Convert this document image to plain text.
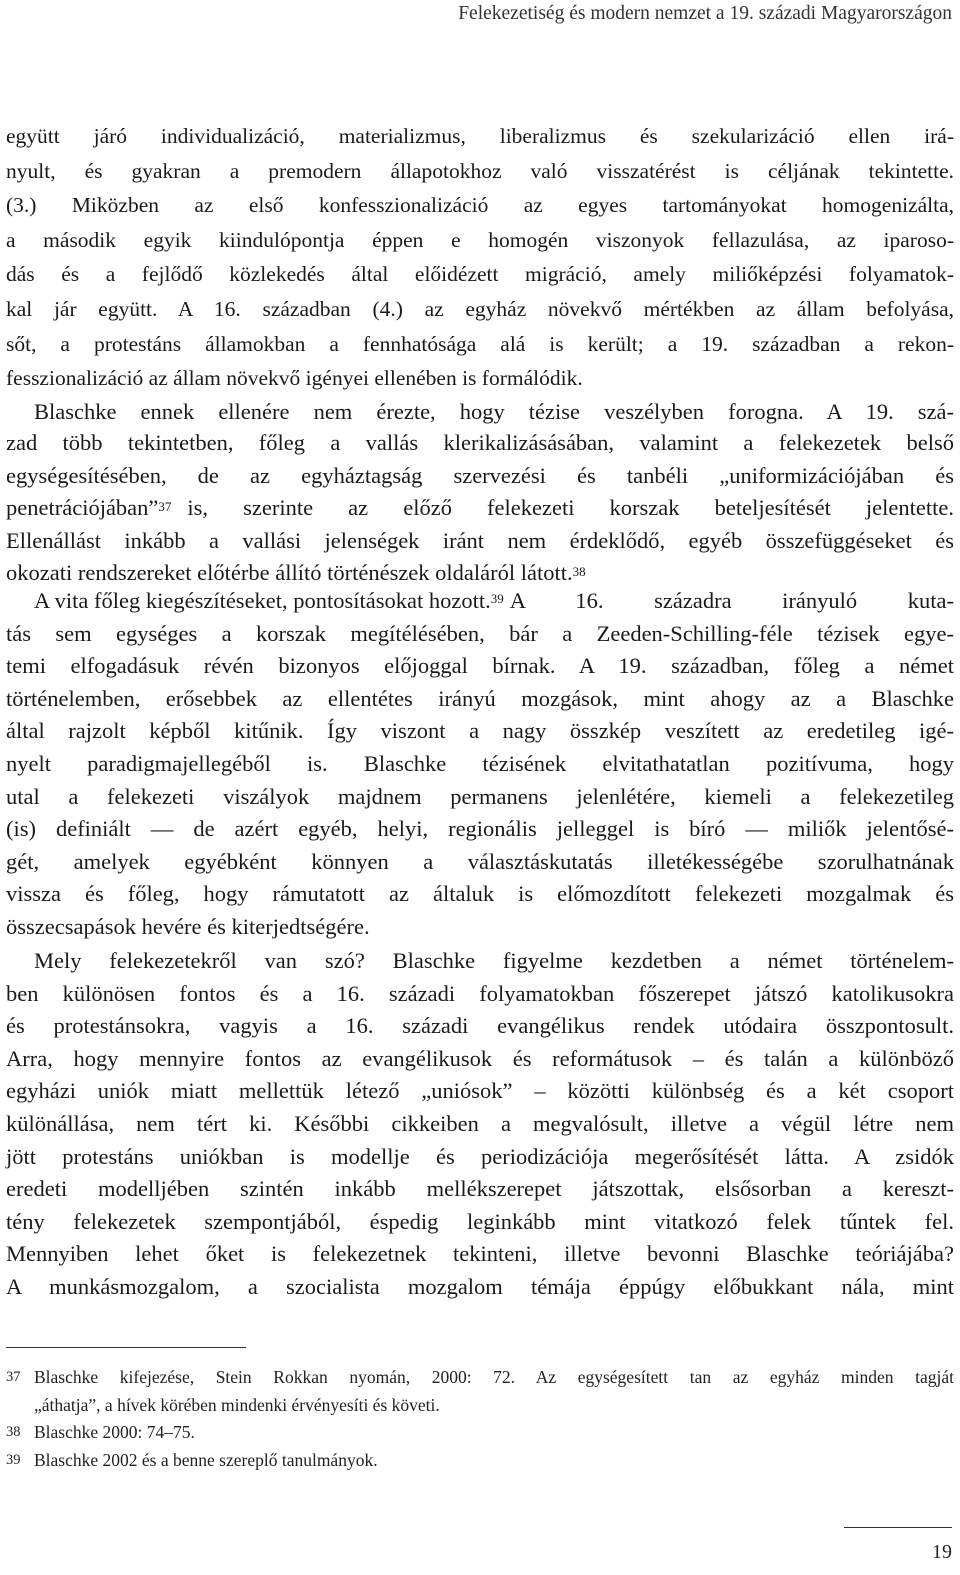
Felekezetiség és modern nemzet a 19. századi Magyarországon
együtt járó individualizáció, materializmus, liberalizmus és szekularizáció ellen irá-
nyult, és gyakran a premodern állapotokhoz való visszatérést is céljának tekintette.
(3.) Miközben az első konfesszionalizáció az egyes tartományokat homogenizálta,
a második egyik kiindulópontja éppen e homogén viszonyok fellazulása, az iparoso-
dás és a fejlődő közlekedés által előidézett migráció, amely miliőképzési folyamatok-
kal jár együtt. A 16. században (4.) az egyház növekvő mértékben az állam befolyása,
sőt, a protestáns államokban a fennhatósága alá is került; a 19. században a rekon-
fesszionalizáció az állam növekvő igényei ellenében is formálódik.
Blaschke ennek ellenére nem érezte, hogy tézise veszélyben forogna. A 19. szá-
zad több tekintetben, főleg a vallás klerikalizásásában, valamint a felekezetek belső
egységesítésében, de az egyháztagság szervezési és tanbéli „uniformizációjában és
penetrációjában”$^{37}$ is, szerinte az előző felekezeti korszak beteljesítését jelentette.
Ellenállást inkább a vallási jelenségek iránt nem érdeklődő, egyéb összefüggéseket és
okozati rendszereket előtérbe állító történészek oldaláról látott.$^{38}$
A vita főleg kiegészítéseket, pontosításokat hozott.$^{39}$ A 16. századra irányuló kuta-
tás sem egységes a korszak megítélésében, bár a Zeeden-Schilling-féle tézisek egye-
temi elfogadásuk révén bizonyos előjoggal bírnak. A 19. században, főleg a német
történelemben, erősebbek az ellentétes irányú mozgások, mint ahogy az a Blaschke
által rajzolt képből kitűnik. Így viszont a nagy összkép veszített az eredetileg igé-
nyelt paradigmajellegéből is. Blaschke tézisének elvitathatatlan pozitívuma, hogy
utal a felekezeti viszályok majdnem permanens jelenlétére, kiemeli a felekezetileg
(is) definiált — de azért egyéb, helyi, regionális jelleggel is bíró — miliők jelentősé-
gét, amelyek egyébként könnyen a választáskutatás illetékességébe szorulhatnának
vissza és főleg, hogy rámutatott az általuk is előmozdított felekezeti mozgalmak és
összecsapások hevére és kiterjedtségére.
Mely felekezetekről van szó? Blaschke figyelme kezdetben a német történelem-
ben különösen fontos és a 16. századi folyamatokban főszerepet játszó katolikusokra
és protestánsokra, vagyis a 16. századi evangélikus rendek utódaira összpontosult.
Arra, hogy mennyire fontos az evangélikusok és reformátusok – és talán a különböző
egyházi uniók miatt mellettük létező „uniósok” – közötti különbség és a két csoport
különállása, nem tért ki. Későbbi cikkeiben a megvalósult, illetve a végül létre nem
jött protestáns uniókban is modellje és periodizációja megerősítését látta. A zsidók
eredeti modelljében szintén inkább mellékszerepet játszottak, elsősorban a kereszt-
tény felekezetek szempontjából, éspedig leginkább mint vitatkozó felek tűntek fel.
Mennyiben lehet őket is felekezetnek tekinteni, illetve bevonni Blaschke teóriájába?
A munkásmozgalom, a szocialista mozgalom témája éppúgy előbukkant nála, mint
37 Blaschke kifejezése, Stein Rokkan nyomán, 2000: 72. Az egységesített tan az egyház minden tagját
„áthatja”, a hívek körében mindenki érvényesíti és követi.
38 Blaschke 2000: 74–75.
39 Blaschke 2002 és a benne szereplő tanulmányok.
19
